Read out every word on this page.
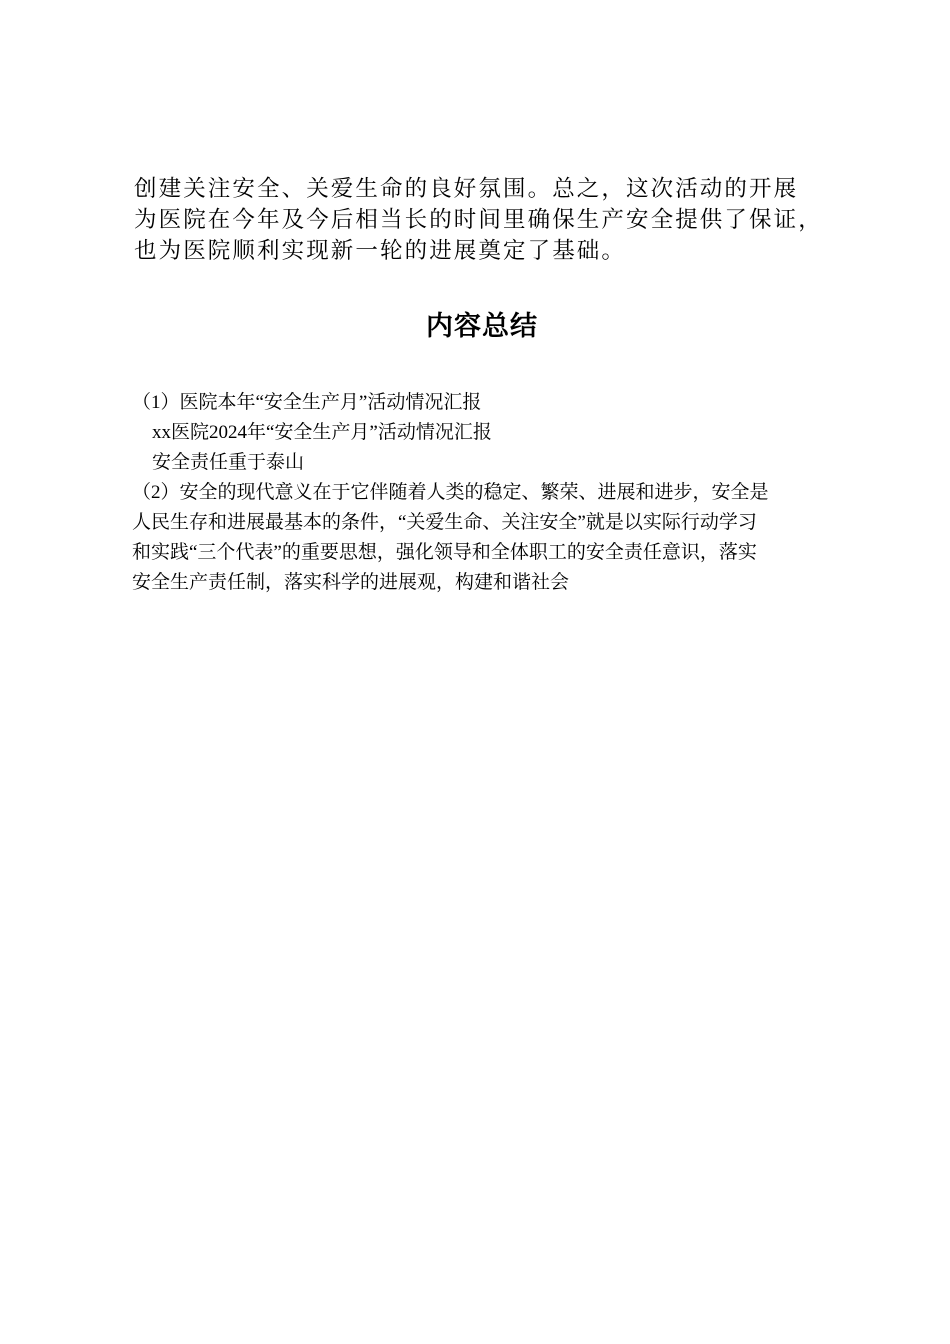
创建关注安全、关爱生命的良好氛围。总之，这次活动的开展
为医院在今年及今后相当长的时间里确保生产安全提供了保证，
也为医院顺利实现新一轮的进展奠定了基础。
内容总结
（1）医院本年“安全生产月”活动情况汇报
xx医院2024年“安全生产月”活动情况汇报
安全责任重于泰山
（2）安全的现代意义在于它伴随着人类的稳定、繁荣、进展和进步，安全是
人民生存和进展最基本的条件，“关爱生命、关注安全”就是以实际行动学习
和实践“三个代表”的重要思想，强化领导和全体职工的安全责任意识，落实
安全生产责任制，落实科学的进展观，构建和谐社会
